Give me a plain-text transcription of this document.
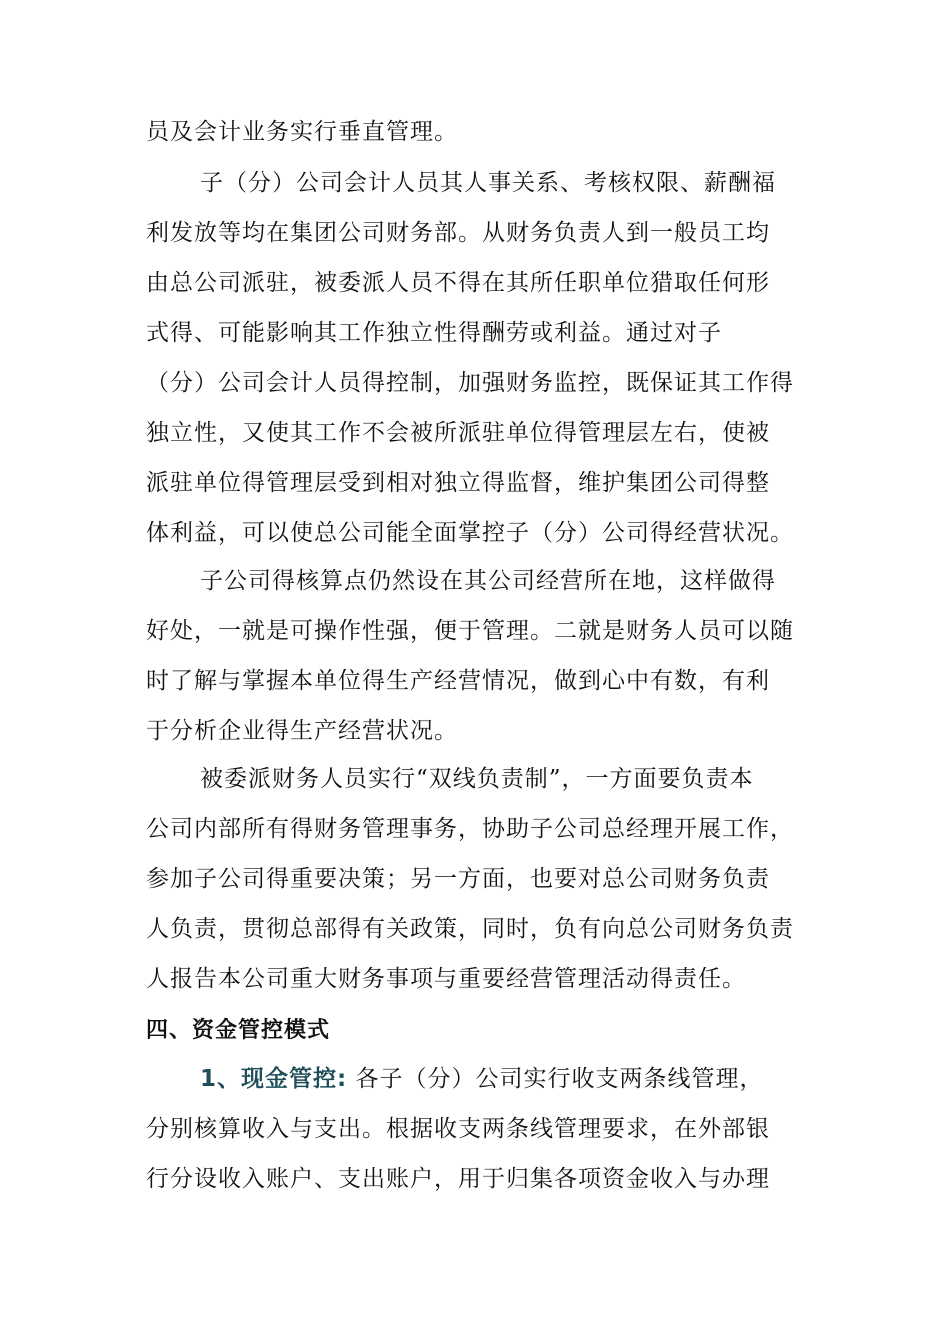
员及会计业务实行垂直管理。
子（分）公司会计人员其人事关系、考核权限、薪酬福
利发放等均在集团公司财务部。从财务负责人到一般员工均
由总公司派驻，被委派人员不得在其所任职单位猎取任何形
式得、可能影响其工作独立性得酬劳或利益。通过对子
（分）公司会计人员得控制，加强财务监控，既保证其工作得
独立性，又使其工作不会被所派驻单位得管理层左右，使被
派驻单位得管理层受到相对独立得监督，维护集团公司得整
体利益，可以使总公司能全面掌控子（分）公司得经营状况。
子公司得核算点仍然设在其公司经营所在地，这样做得
好处，一就是可操作性强，便于管理。二就是财务人员可以随
时了解与掌握本单位得生产经营情况，做到心中有数，有利
于分析企业得生产经营状况。
被委派财务人员实行“双线负责制”，一方面要负责本
公司内部所有得财务管理事务，协助子公司总经理开展工作，
参加子公司得重要决策；另一方面，也要对总公司财务负责
人负责，贯彻总部得有关政策，同时，负有向总公司财务负责
人报告本公司重大财务事项与重要经营管理活动得责任。
四、资金管控模式
1、现金管控: 各子（分）公司实行收支两条线管理，
分别核算收入与支出。根据收支两条线管理要求，在外部银
行分设收入账户、支出账户，用于归集各项资金收入与办理
